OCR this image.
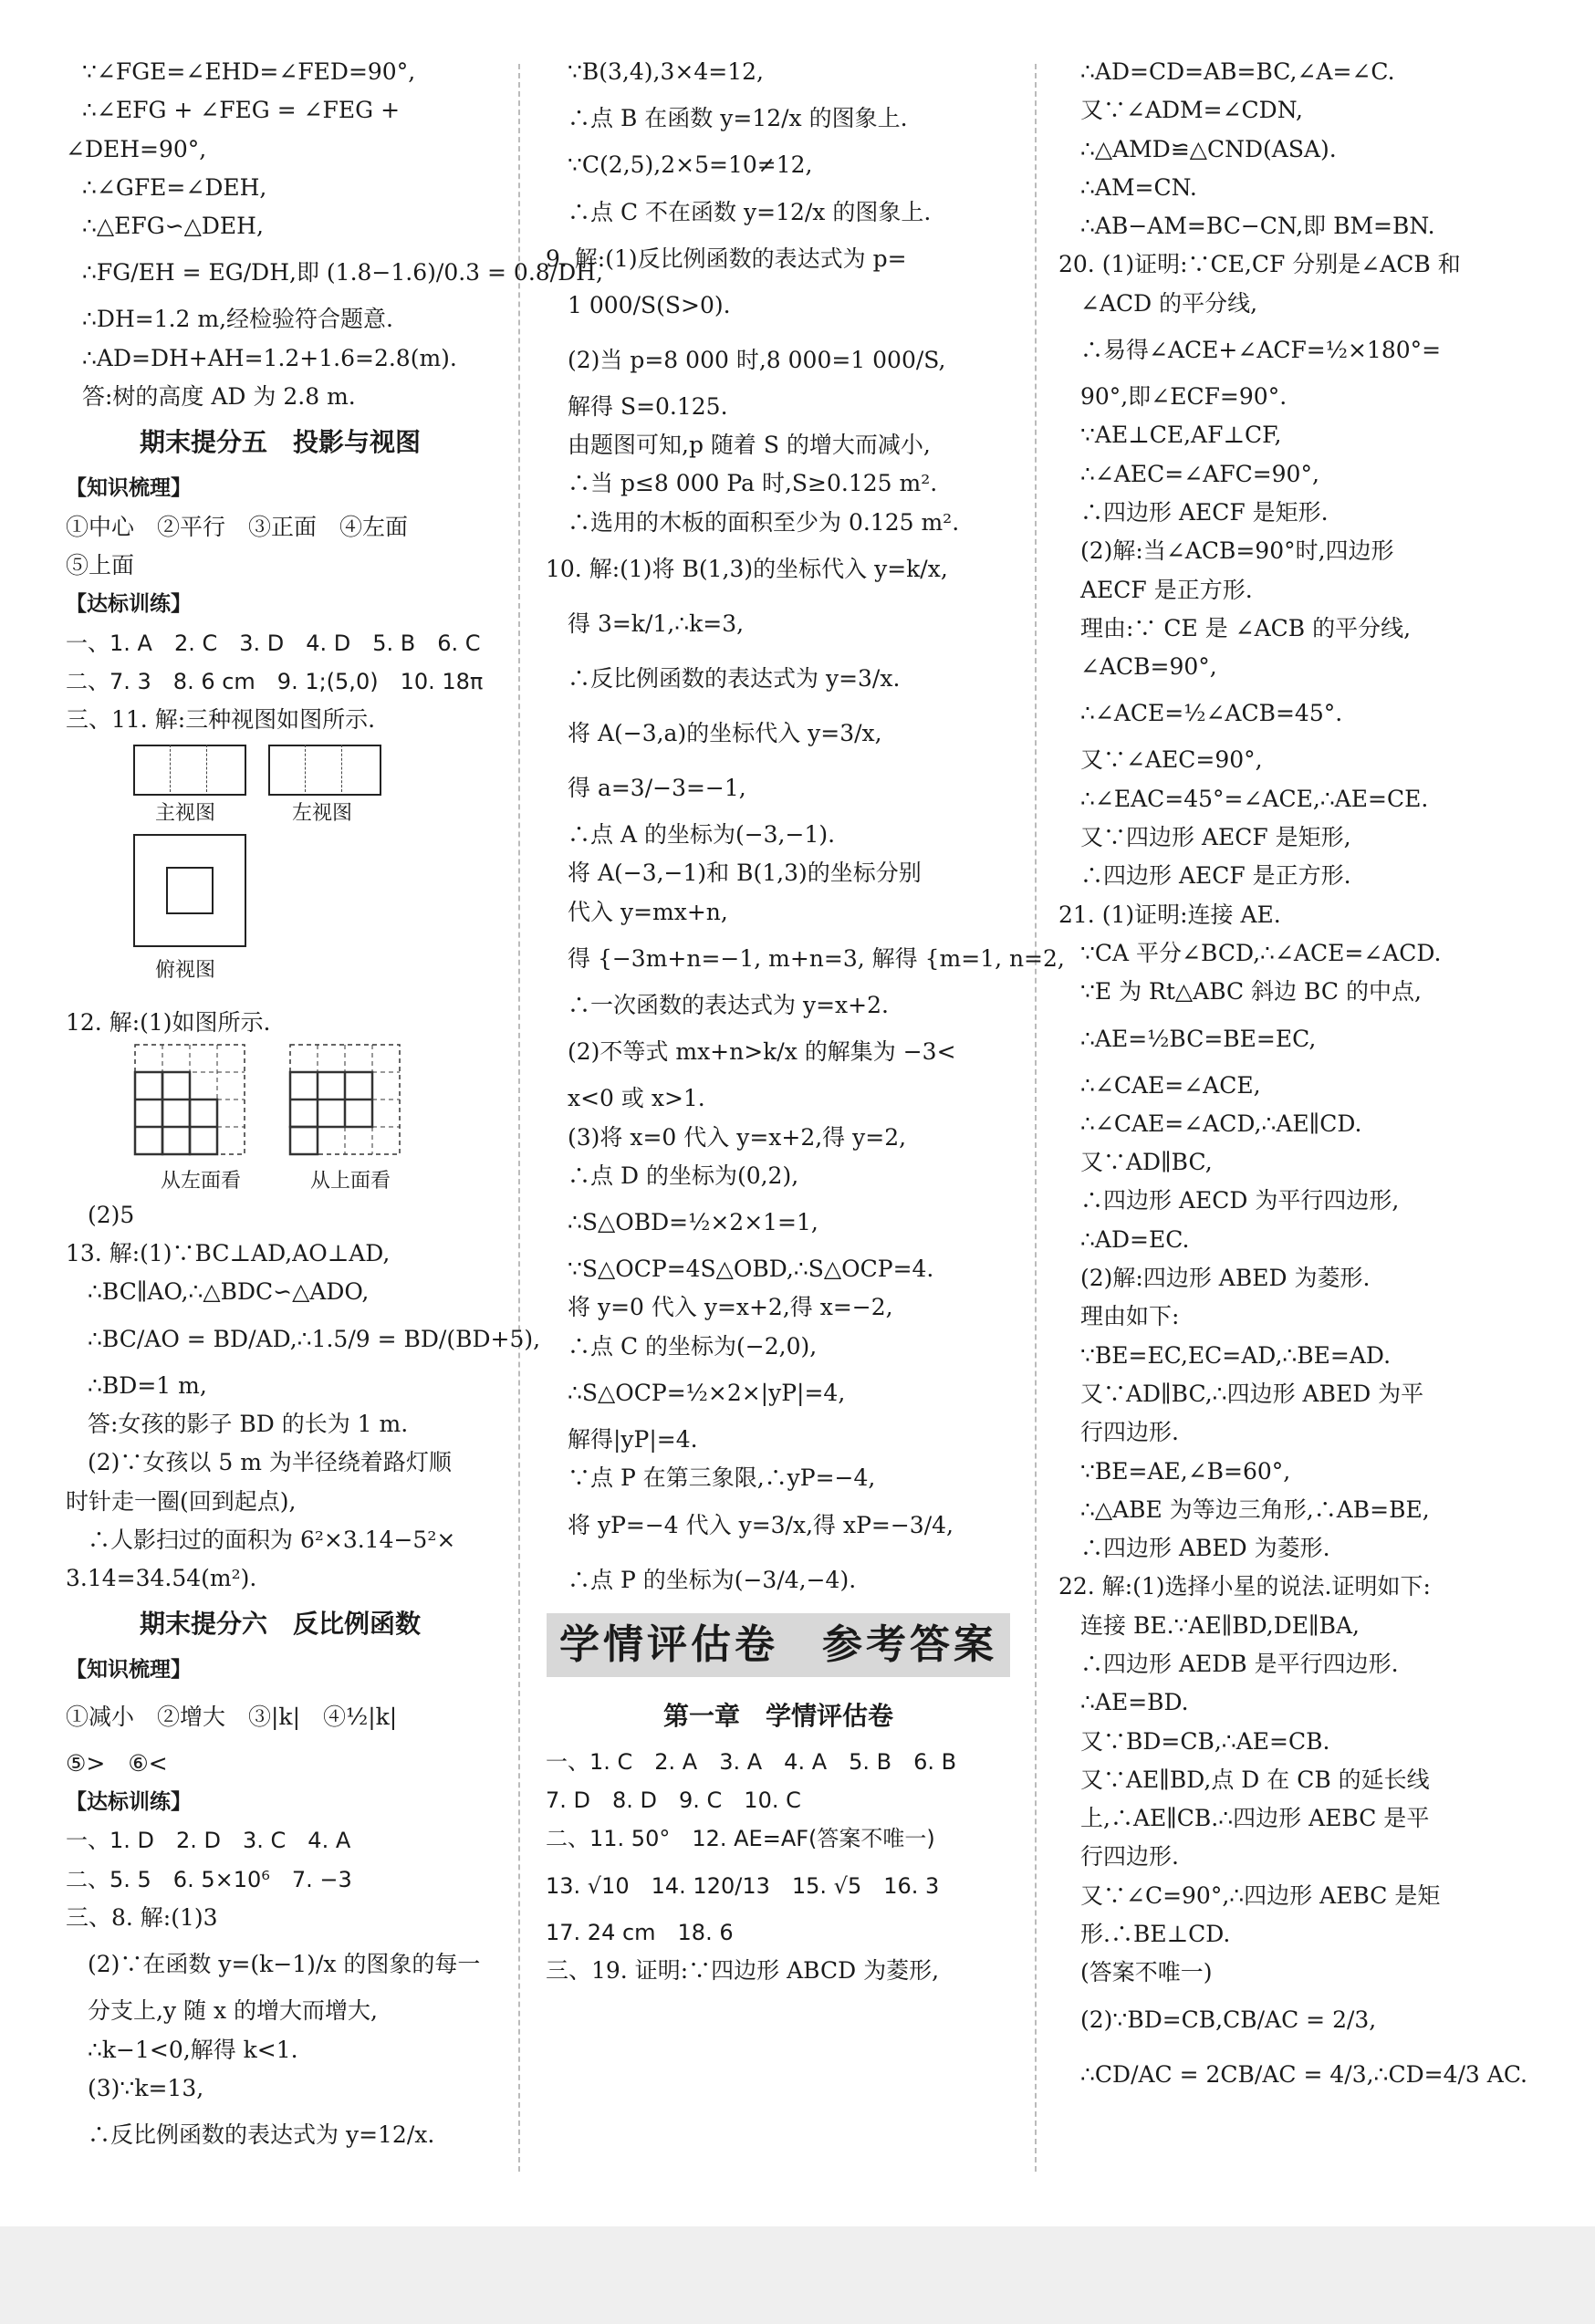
∵∠FGE=∠EHD=∠FED=90°,
∴∠EFG + ∠FEG = ∠FEG +
∠DEH=90°,
∴∠GFE=∠DEH,
∴△EFG∽△DEH,
∴FG/EH = EG/DH,即 (1.8−1.6)/0.3 = 0.8/DH,
∴DH=1.2 m,经检验符合题意.
∴AD=DH+AH=1.2+1.6=2.8(m).
答:树的高度 AD 为 2.8 m.
期末提分五　投影与视图
【知识梳理】
①中心　②平行　③正面　④左面
⑤上面
【达标训练】
一、1. A　2. C　3. D　4. D　5. B　6. C
二、7. 3　8. 6 cm　9. 1;(5,0)　10. 18π
三、11. 解:三种视图如图所示.
主视图	左视图
俯视图
12. 解:(1)如图所示.
从左面看	从上面看
(2)5
13. 解:(1)∵BC⊥AD,AO⊥AD,
∴BC∥AO,∴△BDC∽△ADO,
∴BC/AO = BD/AD,∴1.5/9 = BD/(BD+5),
∴BD=1 m,
答:女孩的影子 BD 的长为 1 m.
(2)∵女孩以 5 m 为半径绕着路灯顺
时针走一圈(回到起点),
∴人影扫过的面积为 6²×3.14−5²×
3.14=34.54(m²).
期末提分六　反比例函数
【知识梳理】
①减小　②增大　③|k|　④½|k|
⑤>　⑥<
【达标训练】
一、1. D　2. D　3. C　4. A
二、5. 5　6. 5×10⁶　7. −3
三、8. 解:(1)3
(2)∵在函数 y=(k−1)/x 的图象的每一
分支上,y 随 x 的增大而增大,
∴k−1<0,解得 k<1.
(3)∵k=13,
∴反比例函数的表达式为 y=12/x.
∵B(3,4),3×4=12,
∴点 B 在函数 y=12/x 的图象上.
∵C(2,5),2×5=10≠12,
∴点 C 不在函数 y=12/x 的图象上.
9. 解:(1)反比例函数的表达式为 p=
1 000/S(S>0).
(2)当 p=8 000 时,8 000=1 000/S,
解得 S=0.125.
由题图可知,p 随着 S 的增大而减小,
∴当 p≤8 000 Pa 时,S≥0.125 m².
∴选用的木板的面积至少为 0.125 m².
10. 解:(1)将 B(1,3)的坐标代入 y=k/x,
得 3=k/1,∴k=3,
∴反比例函数的表达式为 y=3/x.
将 A(−3,a)的坐标代入 y=3/x,
得 a=3/−3=−1,
∴点 A 的坐标为(−3,−1).
将 A(−3,−1)和 B(1,3)的坐标分别
代入 y=mx+n,
得 {−3m+n=−1, m+n=3, 解得 {m=1, n=2,
∴一次函数的表达式为 y=x+2.
(2)不等式 mx+n>k/x 的解集为 −3<
x<0 或 x>1.
(3)将 x=0 代入 y=x+2,得 y=2,
∴点 D 的坐标为(0,2),
∴S△OBD=½×2×1=1,
∵S△OCP=4S△OBD,∴S△OCP=4.
将 y=0 代入 y=x+2,得 x=−2,
∴点 C 的坐标为(−2,0),
∴S△OCP=½×2×|yP|=4,
解得|yP|=4.
∵点 P 在第三象限,∴yP=−4,
将 yP=−4 代入 y=3/x,得 xP=−3/4,
∴点 P 的坐标为(−3/4,−4).
学情评估卷　参考答案
第一章　学情评估卷
一、1. C　2. A　3. A　4. A　5. B　6. B
7. D　8. D　9. C　10. C
二、11. 50°　12. AE=AF(答案不唯一)
13. √10　14. 120/13　15. √5　16. 3
17. 24 cm　18. 6
三、19. 证明:∵四边形 ABCD 为菱形,
∴AD=CD=AB=BC,∠A=∠C.
又∵∠ADM=∠CDN,
∴△AMD≌△CND(ASA).
∴AM=CN.
∴AB−AM=BC−CN,即 BM=BN.
20. (1)证明:∵CE,CF 分别是∠ACB 和
∠ACD 的平分线,
∴易得∠ACE+∠ACF=½×180°=
90°,即∠ECF=90°.
∵AE⊥CE,AF⊥CF,
∴∠AEC=∠AFC=90°,
∴四边形 AECF 是矩形.
(2)解:当∠ACB=90°时,四边形
AECF 是正方形.
理由:∵ CE 是 ∠ACB 的平分线,
∠ACB=90°,
∴∠ACE=½∠ACB=45°.
又∵∠AEC=90°,
∴∠EAC=45°=∠ACE,∴AE=CE.
又∵四边形 AECF 是矩形,
∴四边形 AECF 是正方形.
21. (1)证明:连接 AE.
∵CA 平分∠BCD,∴∠ACE=∠ACD.
∵E 为 Rt△ABC 斜边 BC 的中点,
∴AE=½BC=BE=EC,
∴∠CAE=∠ACE,
∴∠CAE=∠ACD,∴AE∥CD.
又∵AD∥BC,
∴四边形 AECD 为平行四边形,
∴AD=EC.
(2)解:四边形 ABED 为菱形.
理由如下:
∵BE=EC,EC=AD,∴BE=AD.
又∵AD∥BC,∴四边形 ABED 为平
行四边形.
∵BE=AE,∠B=60°,
∴△ABE 为等边三角形,∴AB=BE,
∴四边形 ABED 为菱形.
22. 解:(1)选择小星的说法.证明如下:
连接 BE.∵AE∥BD,DE∥BA,
∴四边形 AEDB 是平行四边形.
∴AE=BD.
又∵BD=CB,∴AE=CB.
又∵AE∥BD,点 D 在 CB 的延长线
上,∴AE∥CB.∴四边形 AEBC 是平
行四边形.
又∵∠C=90°,∴四边形 AEBC 是矩
形.∴BE⊥CD.
(答案不唯一)
(2)∵BD=CB,CB/AC = 2/3,
∴CD/AC = 2CB/AC = 4/3,∴CD=4/3 AC.
